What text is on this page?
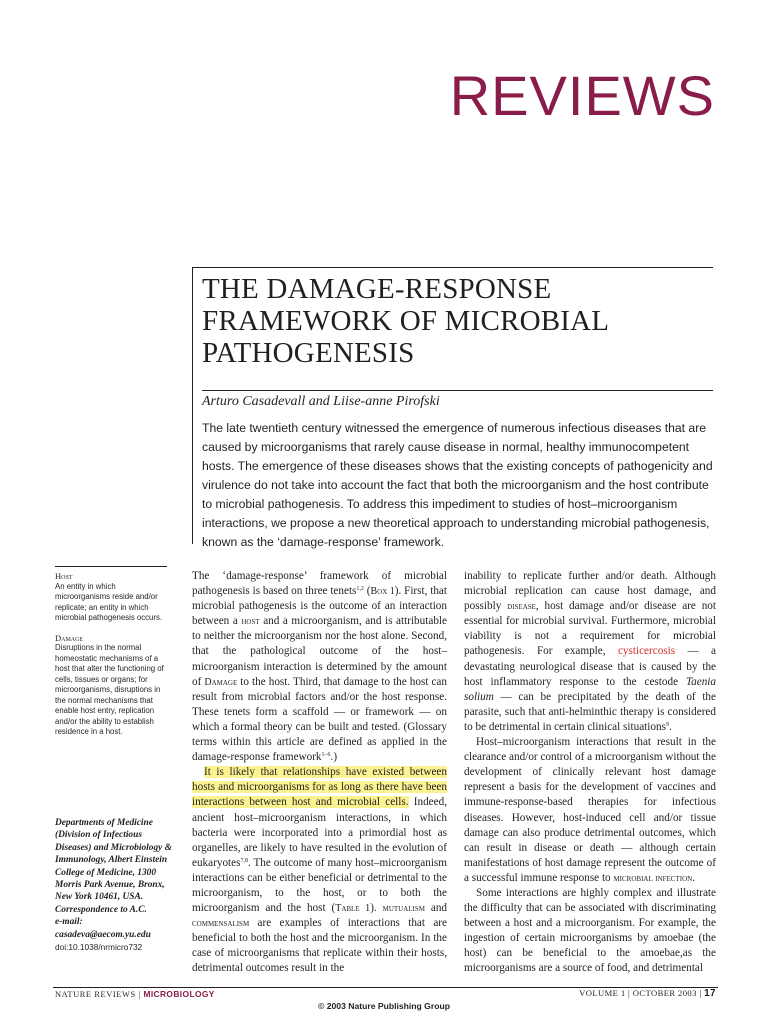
REVIEWS
THE DAMAGE-RESPONSE FRAMEWORK OF MICROBIAL PATHOGENESIS
Arturo Casadevall and Liise-anne Pirofski
The late twentieth century witnessed the emergence of numerous infectious diseases that are caused by microorganisms that rarely cause disease in normal, healthy immunocompetent hosts. The emergence of these diseases shows that the existing concepts of pathogenicity and virulence do not take into account the fact that both the microorganism and the host contribute to microbial pathogenesis. To address this impediment to studies of host–microorganism interactions, we propose a new theoretical approach to understanding microbial pathogenesis, known as the ‘damage-response’ framework.
Host
An entity in which microorganisms reside and/or replicate; an entity in which microbial pathogenesis occurs.
Damage
Disruptions in the normal homeostatic mechanisms of a host that alter the functioning of cells, tissues or organs; for microorganisms, disruptions in the normal mechanisms that enable host entry, replication and/or the ability to establish residence in a host.
Departments of Medicine (Division of Infectious Diseases) and Microbiology & Immunology, Albert Einstein College of Medicine, 1300 Morris Park Avenue, Bronx, New York 10461, USA.
Correspondence to A.C.
e-mail:
casadeva@aecom.yu.edu
doi:10.1038/nrmicro732

The ‘damage-response’ framework of microbial pathogenesis is based on three tenets$^{1,2}$ (Box 1). First, that microbial pathogenesis is the outcome of an interaction between a host and a microorganism, and is attributable to neither the microorganism nor the host alone. Second, that the pathological outcome of the host–microorganism interaction is determined by the amount of Damage to the host. Third, that damage to the host can result from microbial factors and/or the host response. These tenets form a scaffold — or framework — on which a formal theory can be built and tested. (Glossary terms within this article are defined as applied in the damage-response framework$^{1-6}$.)

It is likely that relationships have existed between hosts and microorganisms for as long as there have been interactions between host and microbial cells. Indeed, ancient host–microorganism interactions, in which bacteria were incorporated into a primordial host as organelles, are likely to have resulted in the evolution of eukaryotes$^{7,8}$. The outcome of many host–microorganism interactions can be either beneficial or detrimental to the microorganism, to the host, or to both the microorganism and the host (Table 1). mutualism and commensalism are examples of interactions that are beneficial to both the host and the microorganism. In the case of microorganisms that replicate within their hosts, detrimental outcomes result in the

inability to replicate further and/or death. Although microbial replication can cause host damage, and possibly disease, host damage and/or disease are not essential for microbial survival. Furthermore, microbial viability is not a requirement for microbial pathogenesis. For example, cysticercosis — a devastating neurological disease that is caused by the host inflammatory response to the cestode Taenia solium — can be precipitated by the death of the parasite, such that anti-helminthic therapy is considered to be detrimental in certain clinical situations$^9$.

Host–microorganism interactions that result in the clearance and/or control of a microorganism without the development of clinically relevant host damage represent a basis for the development of vaccines and immune-response-based therapies for infectious diseases. However, host-induced cell and/or tissue damage can also produce detrimental outcomes, which can result in disease or death — although certain manifestations of host damage represent the outcome of a successful immune response to microbial infection.

Some interactions are highly complex and illustrate the difficulty that can be associated with discriminating between a host and a microorganism. For example, the ingestion of certain microorganisms by amoebae (the host) can be beneficial to the amoebae,as the microorganisms are a source of food, and detrimental

NATURE REVIEWS | MICROBIOLOGY	VOLUME 1 | OCTOBER 2003 | 17
© 2003 Nature Publishing Group
